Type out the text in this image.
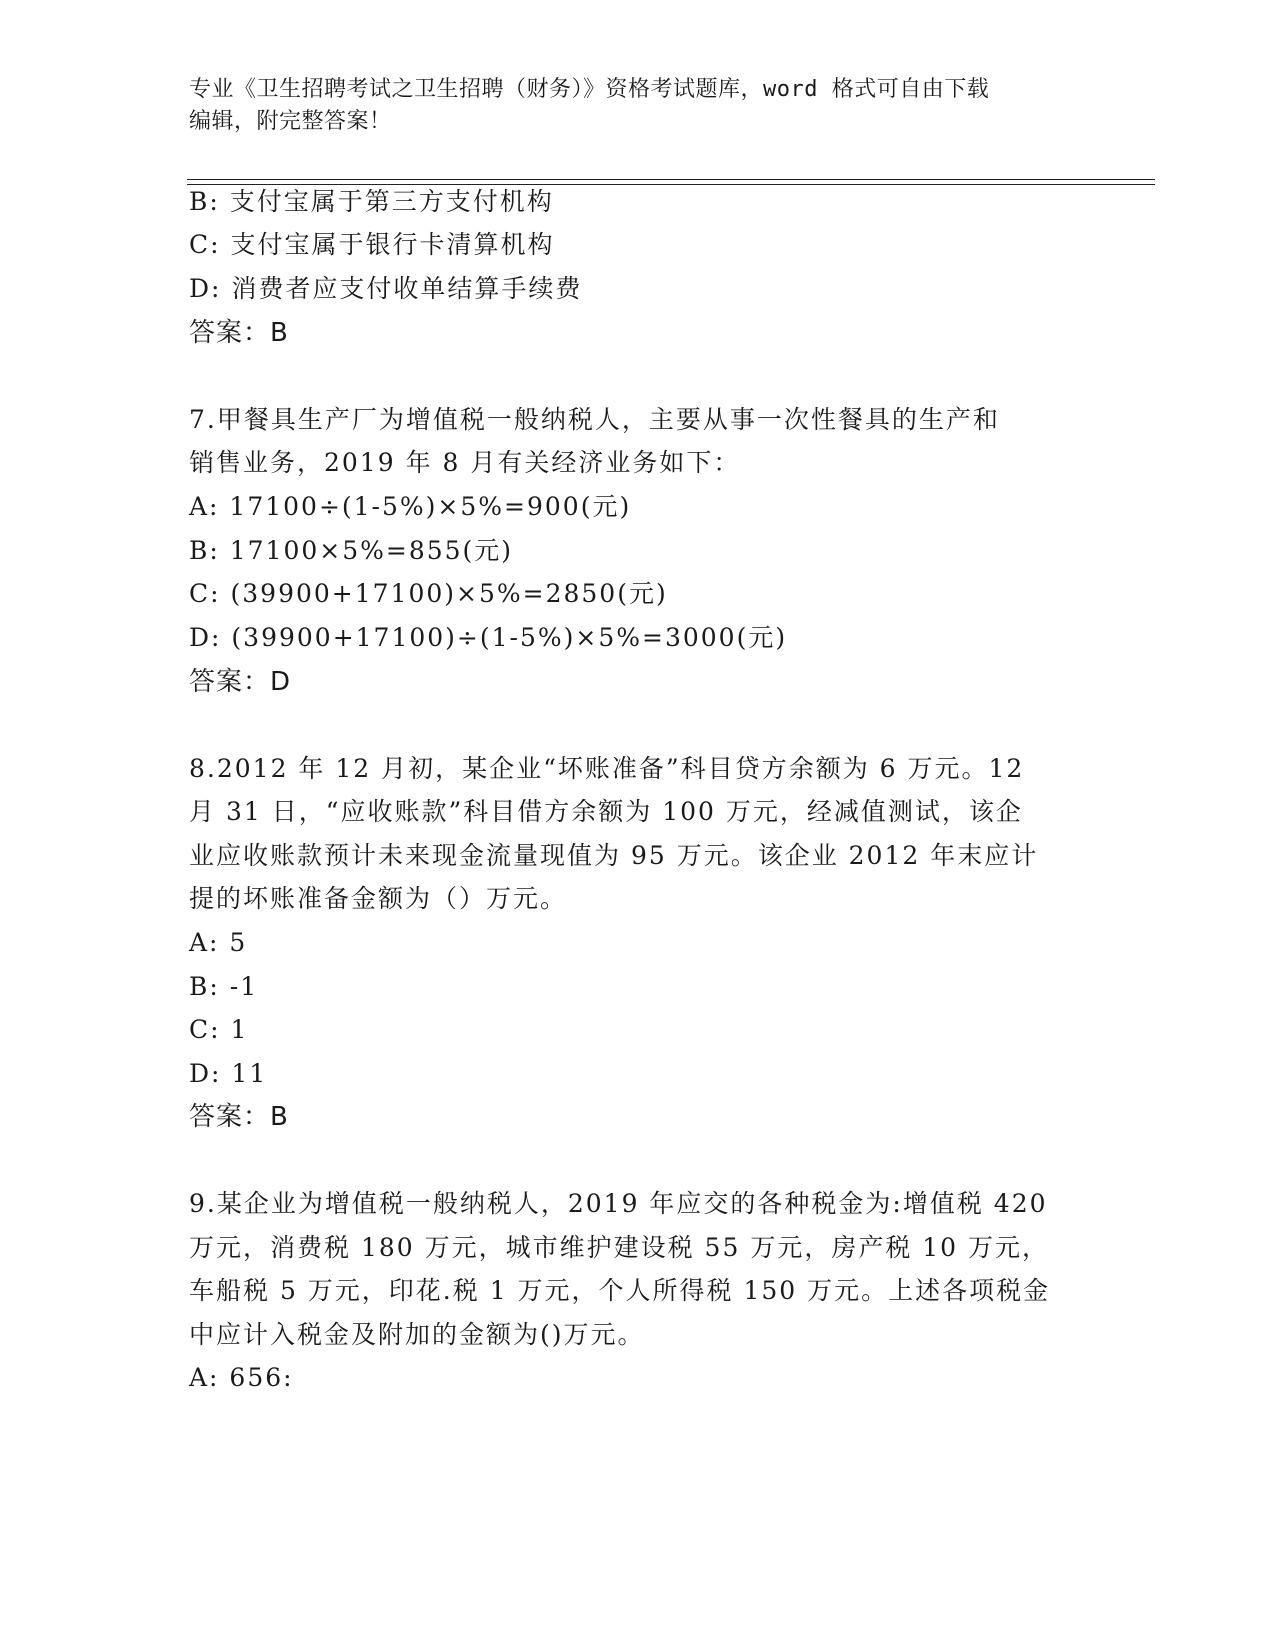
专业《卫生招聘考试之卫生招聘（财务）》资格考试题库，word 格式可自由下载
编辑，附完整答案！
B: 支付宝属于第三方支付机构
C: 支付宝属于银行卡清算机构
D: 消费者应支付收单结算手续费
答案：B
7.甲餐具生产厂为增值税一般纳税人，主要从事一次性餐具的生产和
销售业务，2019 年 8 月有关经济业务如下：
A: 17100÷(1-5%)×5%=900(元)
B: 17100×5%=855(元)
C: (39900+17100)×5%=2850(元)
D: (39900+17100)÷(1-5%)×5%=3000(元)
答案：D
8.2012 年 12 月初，某企业“坏账准备”科目贷方余额为 6 万元。12
月 31 日，“应收账款”科目借方余额为 100 万元，经减值测试，该企
业应收账款预计未来现金流量现值为 95 万元。该企业 2012 年末应计
提的坏账准备金额为（）万元。
A: 5
B: -1
C: 1
D: 11
答案：B
9.某企业为增值税一般纳税人，2019 年应交的各种税金为:增值税 420
万元，消费税 180 万元，城市维护建设税 55 万元，房产税 10 万元，
车船税 5 万元，印花.税 1 万元，个人所得税 150 万元。上述各项税金
中应计入税金及附加的金额为()万元。
A: 656:
